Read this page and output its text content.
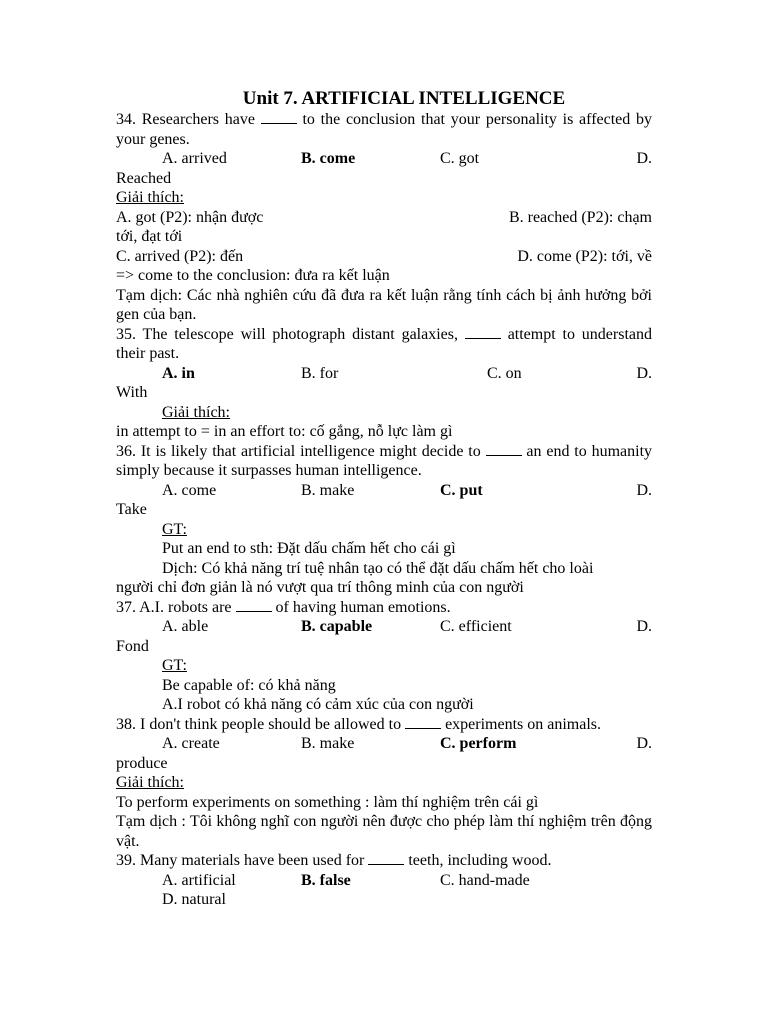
Unit 7. ARTIFICIAL INTELLIGENCE
34. Researchers have	to the conclusion that your personality is affected by your genes.
A. arrived	B. come	C. got	D.
Reached
Giải thích:
A. got (P2): nhận được	B. reached (P2): chạm
tới, đạt tới
C. arrived (P2): đến	D. come (P2): tới, về
=> come to the conclusion: đưa ra kết luận
Tạm dịch: Các nhà nghiên cứu đã đưa ra kết luận rằng tính cách bị ảnh hưởng bởi gen của bạn.
35. The telescope will photograph distant galaxies,	attempt to understand their past.
A. in	B. for	C. on	D.
With
Giải thích:
in attempt to = in an effort to: cố gắng, nỗ lực làm gì
36. It is likely that artificial intelligence might decide to	an end to humanity simply because it surpasses human intelligence.
A. come	B. make	C. put	D.
Take
GT:
Put an end to sth: Đặt dấu chấm hết cho cái gì
Dịch: Có khả năng trí tuệ nhân tạo có thể đặt dấu chấm hết cho loài
người chỉ đơn giản là nó vượt qua trí thông minh của con người
37. A.I. robots are	of having human emotions.
A. able	B. capable	C. efficient	D.
Fond
GT:
Be capable of: có khả năng
A.I robot có khả năng có cảm xúc của con người
38. I don't think people should be allowed to	experiments on animals.
A. create	B. make	C. perform	D.
produce
Giải thích:
To perform experiments on something : làm thí nghiệm trên cái gì
Tạm dịch : Tôi không nghĩ con người nên được cho phép làm thí nghiệm trên động vật.
39. Many materials have been used for	teeth, including wood.
A. artificial	B. false	C. hand-made
D. natural
